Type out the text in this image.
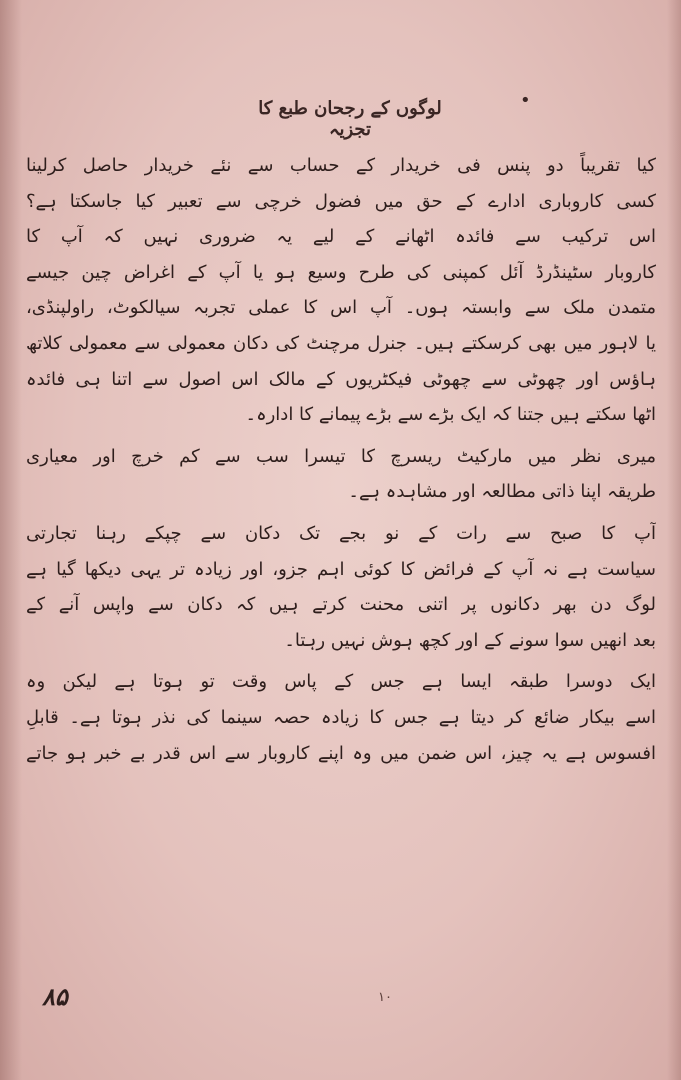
•
لوگوں کے رجحان طبع کا تجزیہ
کیا تقریباً دو پنس فی خریدار کے حساب سے نئے خریدار حاصل کرلینا
کسی کاروباری ادارے کے حق میں فضول خرچی سے تعبیر کیا جاسکتا ہے؟
اس ترکیب سے فائدہ اٹھانے کے لیے یہ ضروری نہیں کہ آپ کا
کاروبار سٹینڈرڈ آئل کمپنی کی طرح وسیع ہو یا آپ کے اغراض چین جیسے
متمدن ملک سے وابستہ ہوں۔ آپ اس کا عملی تجربہ سیالکوٹ، راولپنڈی،
یا لاہور میں بھی کرسکتے ہیں۔ جنرل مرچنٹ کی دکان معمولی سے معمولی کلاتھ
ہاؤس اور چھوٹی سے چھوٹی فیکٹریوں کے مالک اس اصول سے اتنا ہی فائدہ
اٹھا سکتے ہیں جتنا کہ ایک بڑے سے بڑے پیمانے کا ادارہ۔
میری نظر میں مارکیٹ ریسرچ کا تیسرا سب سے کم خرچ اور معیاری
طریقہ اپنا ذاتی مطالعہ اور مشاہدہ ہے۔
آپ کا صبح سے رات کے نو بجے تک دکان سے چپکے رہنا تجارتی
سیاست ہے نہ آپ کے فرائض کا کوئی اہم جزو، اور زیادہ تر یہی دیکھا گیا ہے
لوگ دن بھر دکانوں پر اتنی محنت کرتے ہیں کہ دکان سے واپس آنے کے
بعد انھیں سوا سونے کے اور کچھ ہوش نہیں رہتا۔
ایک دوسرا طبقہ ایسا ہے جس کے پاس وقت تو ہوتا ہے لیکن وہ
اسے بیکار ضائع کر دیتا ہے جس کا زیادہ حصہ سینما کی نذر ہوتا ہے۔ قابلِ
افسوس ہے یہ چیز، اس ضمن میں وہ اپنے کاروبار سے اس قدر بے خبر ہو جاتے

۸۵	۱۰
